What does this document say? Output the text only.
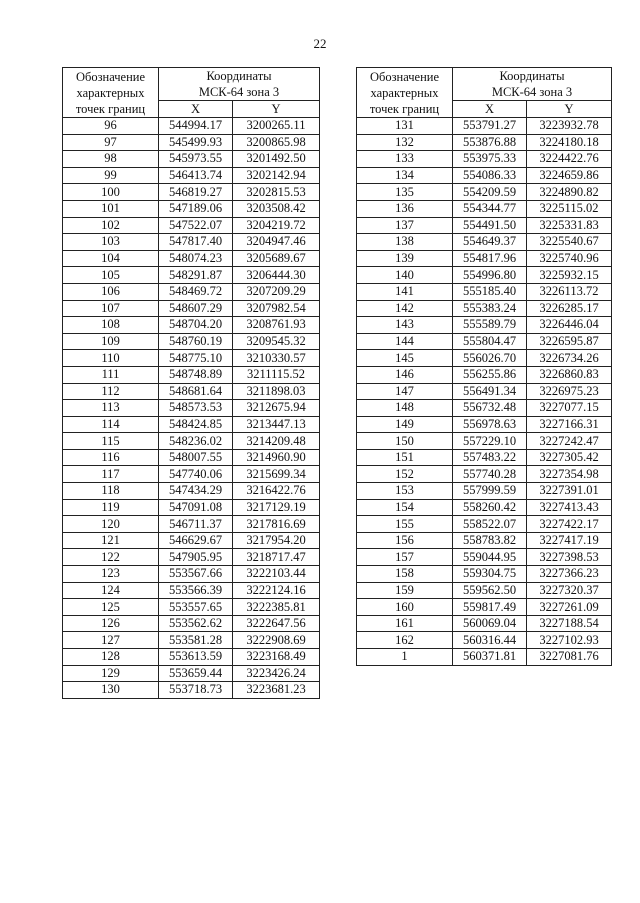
22
Обозначение
характерных
точек границ	Координаты	

	МСК-64 зона 3	
	X	Y
96	544994.17	3200265.11
97	545499.93	3200865.98
98	545973.55	3201492.50
99	546413.74	3202142.94
100	546819.27	3202815.53
101	547189.06	3203508.42
102	547522.07	3204219.72
103	547817.40	3204947.46
104	548074.23	3205689.67
105	548291.87	3206444.30
106	548469.72	3207209.29
107	548607.29	3207982.54
108	548704.20	3208761.93
109	548760.19	3209545.32
110	548775.10	3210330.57
111	548748.89	3211115.52
112	548681.64	3211898.03
113	548573.53	3212675.94
114	548424.85	3213447.13
115	548236.02	3214209.48
116	548007.55	3214960.90
117	547740.06	3215699.34
118	547434.29	3216422.76
119	547091.08	3217129.19
120	546711.37	3217816.69
121	546629.67	3217954.20
122	547905.95	3218717.47
123	553567.66	3222103.44
124	553566.39	3222124.16
125	553557.65	3222385.81
126	553562.62	3222647.56
127	553581.28	3222908.69
128	553613.59	3223168.49
129	553659.44	3223426.24
130	553718.73	3223681.23
Обозначение
характерных
точек границ	Координаты	

	МСК-64 зона 3	
	X	Y
131	553791.27	3223932.78
132	553876.88	3224180.18
133	553975.33	3224422.76
134	554086.33	3224659.86
135	554209.59	3224890.82
136	554344.77	3225115.02
137	554491.50	3225331.83
138	554649.37	3225540.67
139	554817.96	3225740.96
140	554996.80	3225932.15
141	555185.40	3226113.72
142	555383.24	3226285.17
143	555589.79	3226446.04
144	555804.47	3226595.87
145	556026.70	3226734.26
146	556255.86	3226860.83
147	556491.34	3226975.23
148	556732.48	3227077.15
149	556978.63	3227166.31
150	557229.10	3227242.47
151	557483.22	3227305.42
152	557740.28	3227354.98
153	557999.59	3227391.01
154	558260.42	3227413.43
155	558522.07	3227422.17
156	558783.82	3227417.19
157	559044.95	3227398.53
158	559304.75	3227366.23
159	559562.50	3227320.37
160	559817.49	3227261.09
161	560069.04	3227188.54
162	560316.44	3227102.93
1	560371.81	3227081.76
